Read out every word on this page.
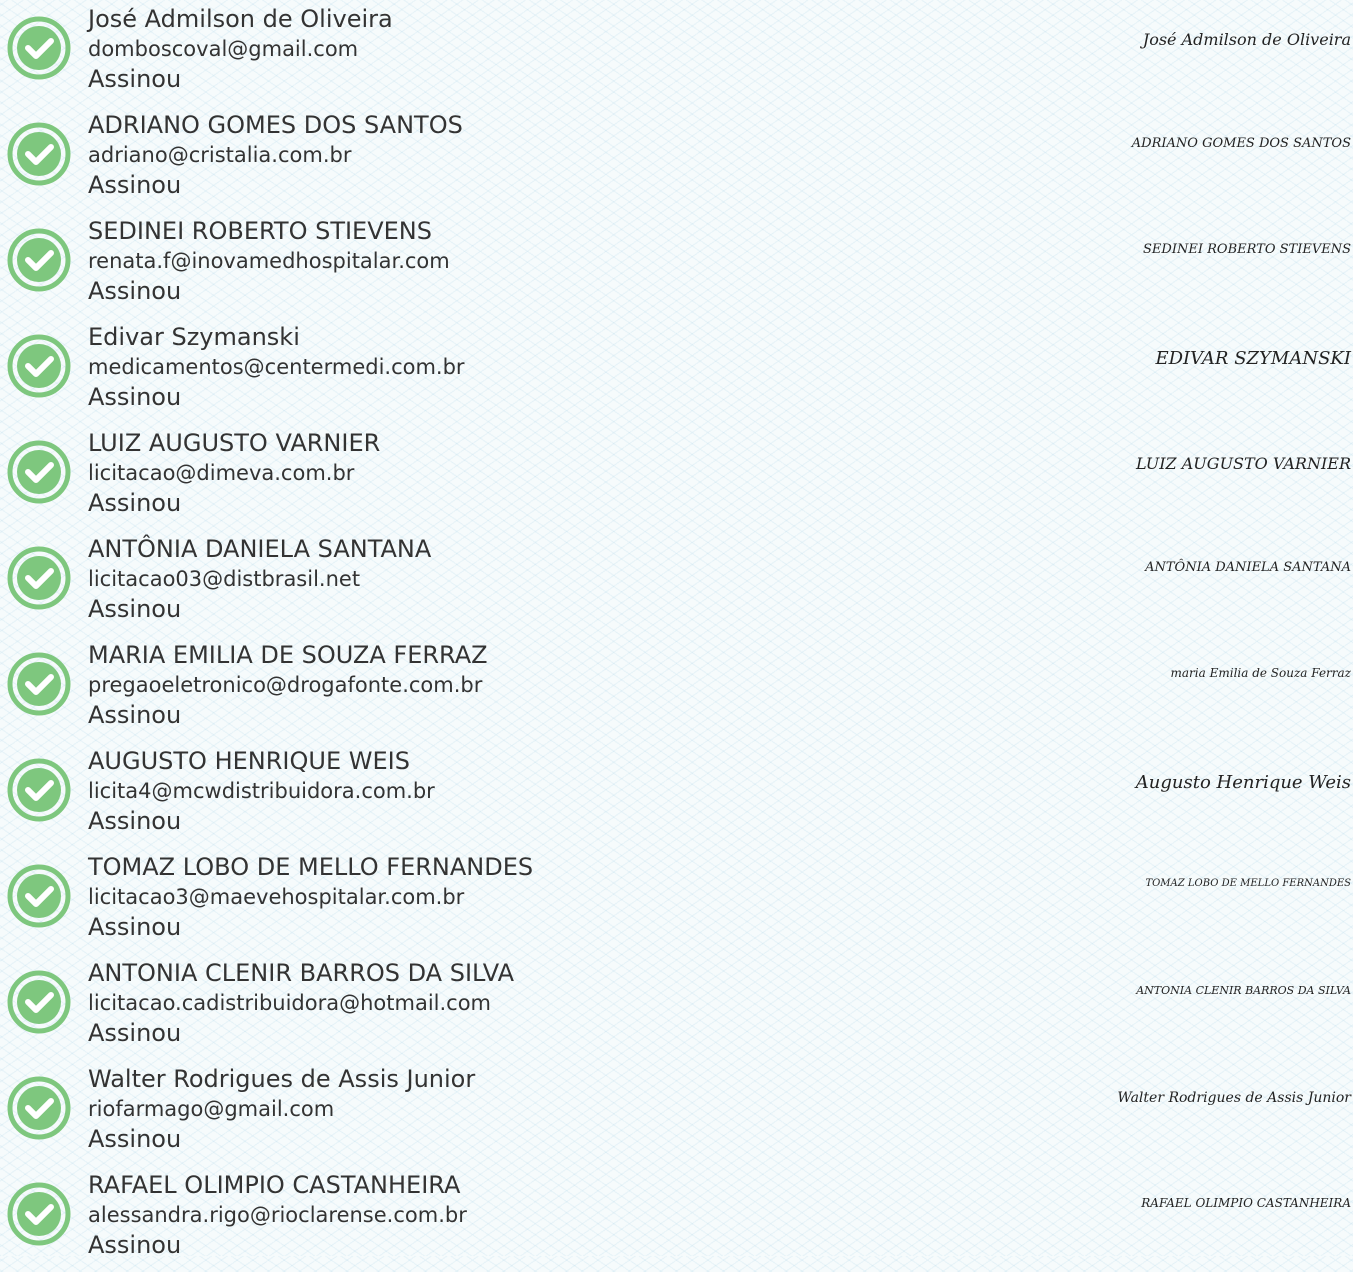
José Admilson de Oliveira
domboscoval@gmail.com
Assinou
José Admilson de Oliveira
ADRIANO GOMES DOS SANTOS
adriano@cristalia.com.br
Assinou
ADRIANO GOMES DOS SANTOS
SEDINEI ROBERTO STIEVENS
renata.f@inovamedhospitalar.com
Assinou
SEDINEI ROBERTO STIEVENS
Edivar Szymanski
medicamentos@centermedi.com.br
Assinou
EDIVAR SZYMANSKI
LUIZ AUGUSTO VARNIER
licitacao@dimeva.com.br
Assinou
LUIZ AUGUSTO VARNIER
ANTÔNIA DANIELA SANTANA
licitacao03@distbrasil.net
Assinou
ANTÔNIA DANIELA SANTANA
MARIA EMILIA DE SOUZA FERRAZ
pregaoeletronico@drogafonte.com.br
Assinou
maria Emilia de Souza Ferraz
AUGUSTO HENRIQUE WEIS
licita4@mcwdistribuidora.com.br
Assinou
Augusto Henrique Weis
TOMAZ LOBO DE MELLO FERNANDES
licitacao3@maevehospitalar.com.br
Assinou
TOMAZ LOBO DE MELLO FERNANDES
ANTONIA CLENIR BARROS DA SILVA
licitacao.cadistribuidora@hotmail.com
Assinou
ANTONIA CLENIR BARROS DA SILVA
Walter Rodrigues de Assis Junior
riofarmago@gmail.com
Assinou
Walter Rodrigues de Assis Junior
RAFAEL OLIMPIO CASTANHEIRA
alessandra.rigo@rioclarense.com.br
Assinou
RAFAEL OLIMPIO CASTANHEIRA
